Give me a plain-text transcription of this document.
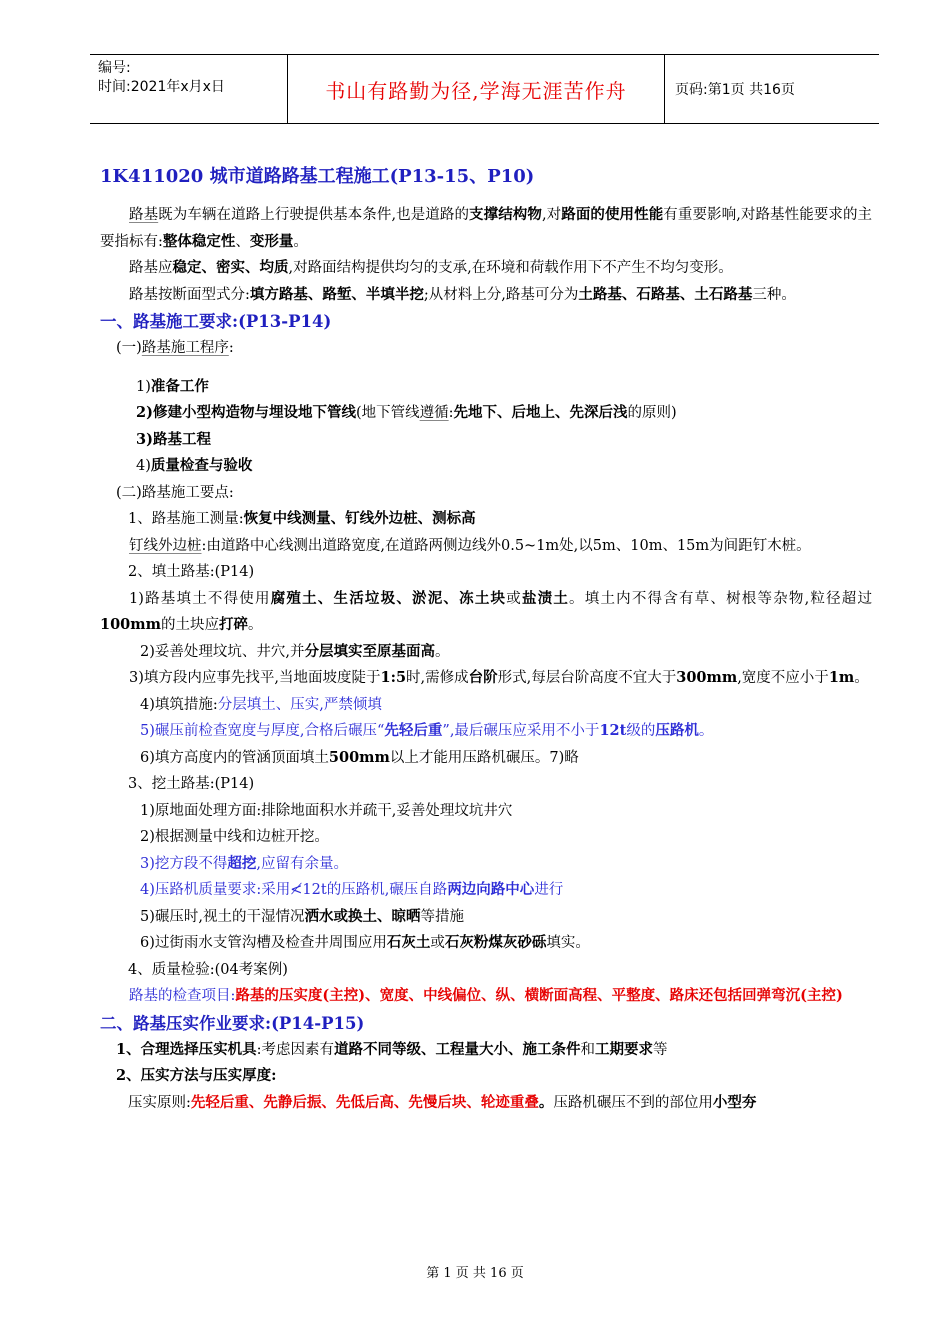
编号:
时间:2021年x月x日	书山有路勤为径,学海无涯苦作舟	页码:第1页 共16页
1K411020 城市道路路基工程施工(P13-15、P10)

路基既为车辆在道路上行驶提供基本条件,也是道路的支撑结构物,对路面的使用性能有重要影响,对路基性能要求的主要指标有:整体稳定性、变形量。

路基应稳定、密实、均质,对路面结构提供均匀的支承,在环境和荷载作用下不产生不均匀变形。

路基按断面型式分:填方路基、路堑、半填半挖;从材料上分,路基可分为土路基、石路基、土石路基三种。

一、路基施工要求:(P13-P14)

(一)路基施工程序:

1)准备工作

2)修建小型构造物与埋设地下管线(地下管线遵循:先地下、后地上、先深后浅的原则)

3)路基工程

4)质量检查与验收

(二)路基施工要点:

1、路基施工测量:恢复中线测量、钉线外边桩、测标高

钉线外边桩:由道路中心线测出道路宽度,在道路两侧边线外0.5~1m处,以5m、10m、15m为间距钉木桩。

2、填土路基:(P14)

1)路基填土不得使用腐殖土、生活垃圾、淤泥、冻土块或盐渍土。填土内不得含有草、树根等杂物,粒径超过100mm的土块应打碎。

2)妥善处理坟坑、井穴,并分层填实至原基面高。

3)填方段内应事先找平,当地面坡度陡于1:5时,需修成台阶形式,每层台阶高度不宜大于300mm,宽度不应小于1m。

4)填筑措施:分层填土、压实,严禁倾填

5)碾压前检查宽度与厚度,合格后碾压“先轻后重”,最后碾压应采用不小于12t级的压路机。

6)填方高度内的管涵顶面填土500mm以上才能用压路机碾压。7)略

3、挖土路基:(P14)

1)原地面处理方面:排除地面积水并疏干,妥善处理坟坑井穴

2)根据测量中线和边桩开挖。

3)挖方段不得超挖,应留有余量。

4)压路机质量要求:采用≮12t的压路机,碾压自路两边向路中心进行

5)碾压时,视土的干湿情况洒水或换土、晾晒等措施

6)过街雨水支管沟槽及检查井周围应用石灰土或石灰粉煤灰砂砾填实。

4、质量检验:(04考案例)

路基的检查项目:路基的压实度(主控)、宽度、中线偏位、纵、横断面高程、平整度、路床还包括回弹弯沉(主控)

二、路基压实作业要求:(P14-P15)

1、合理选择压实机具:考虑因素有道路不同等级、工程量大小、施工条件和工期要求等

2、压实方法与压实厚度:

压实原则:先轻后重、先静后振、先低后高、先慢后块、轮迹重叠。压路机碾压不到的部位用小型夯

第 1 页 共 16 页
